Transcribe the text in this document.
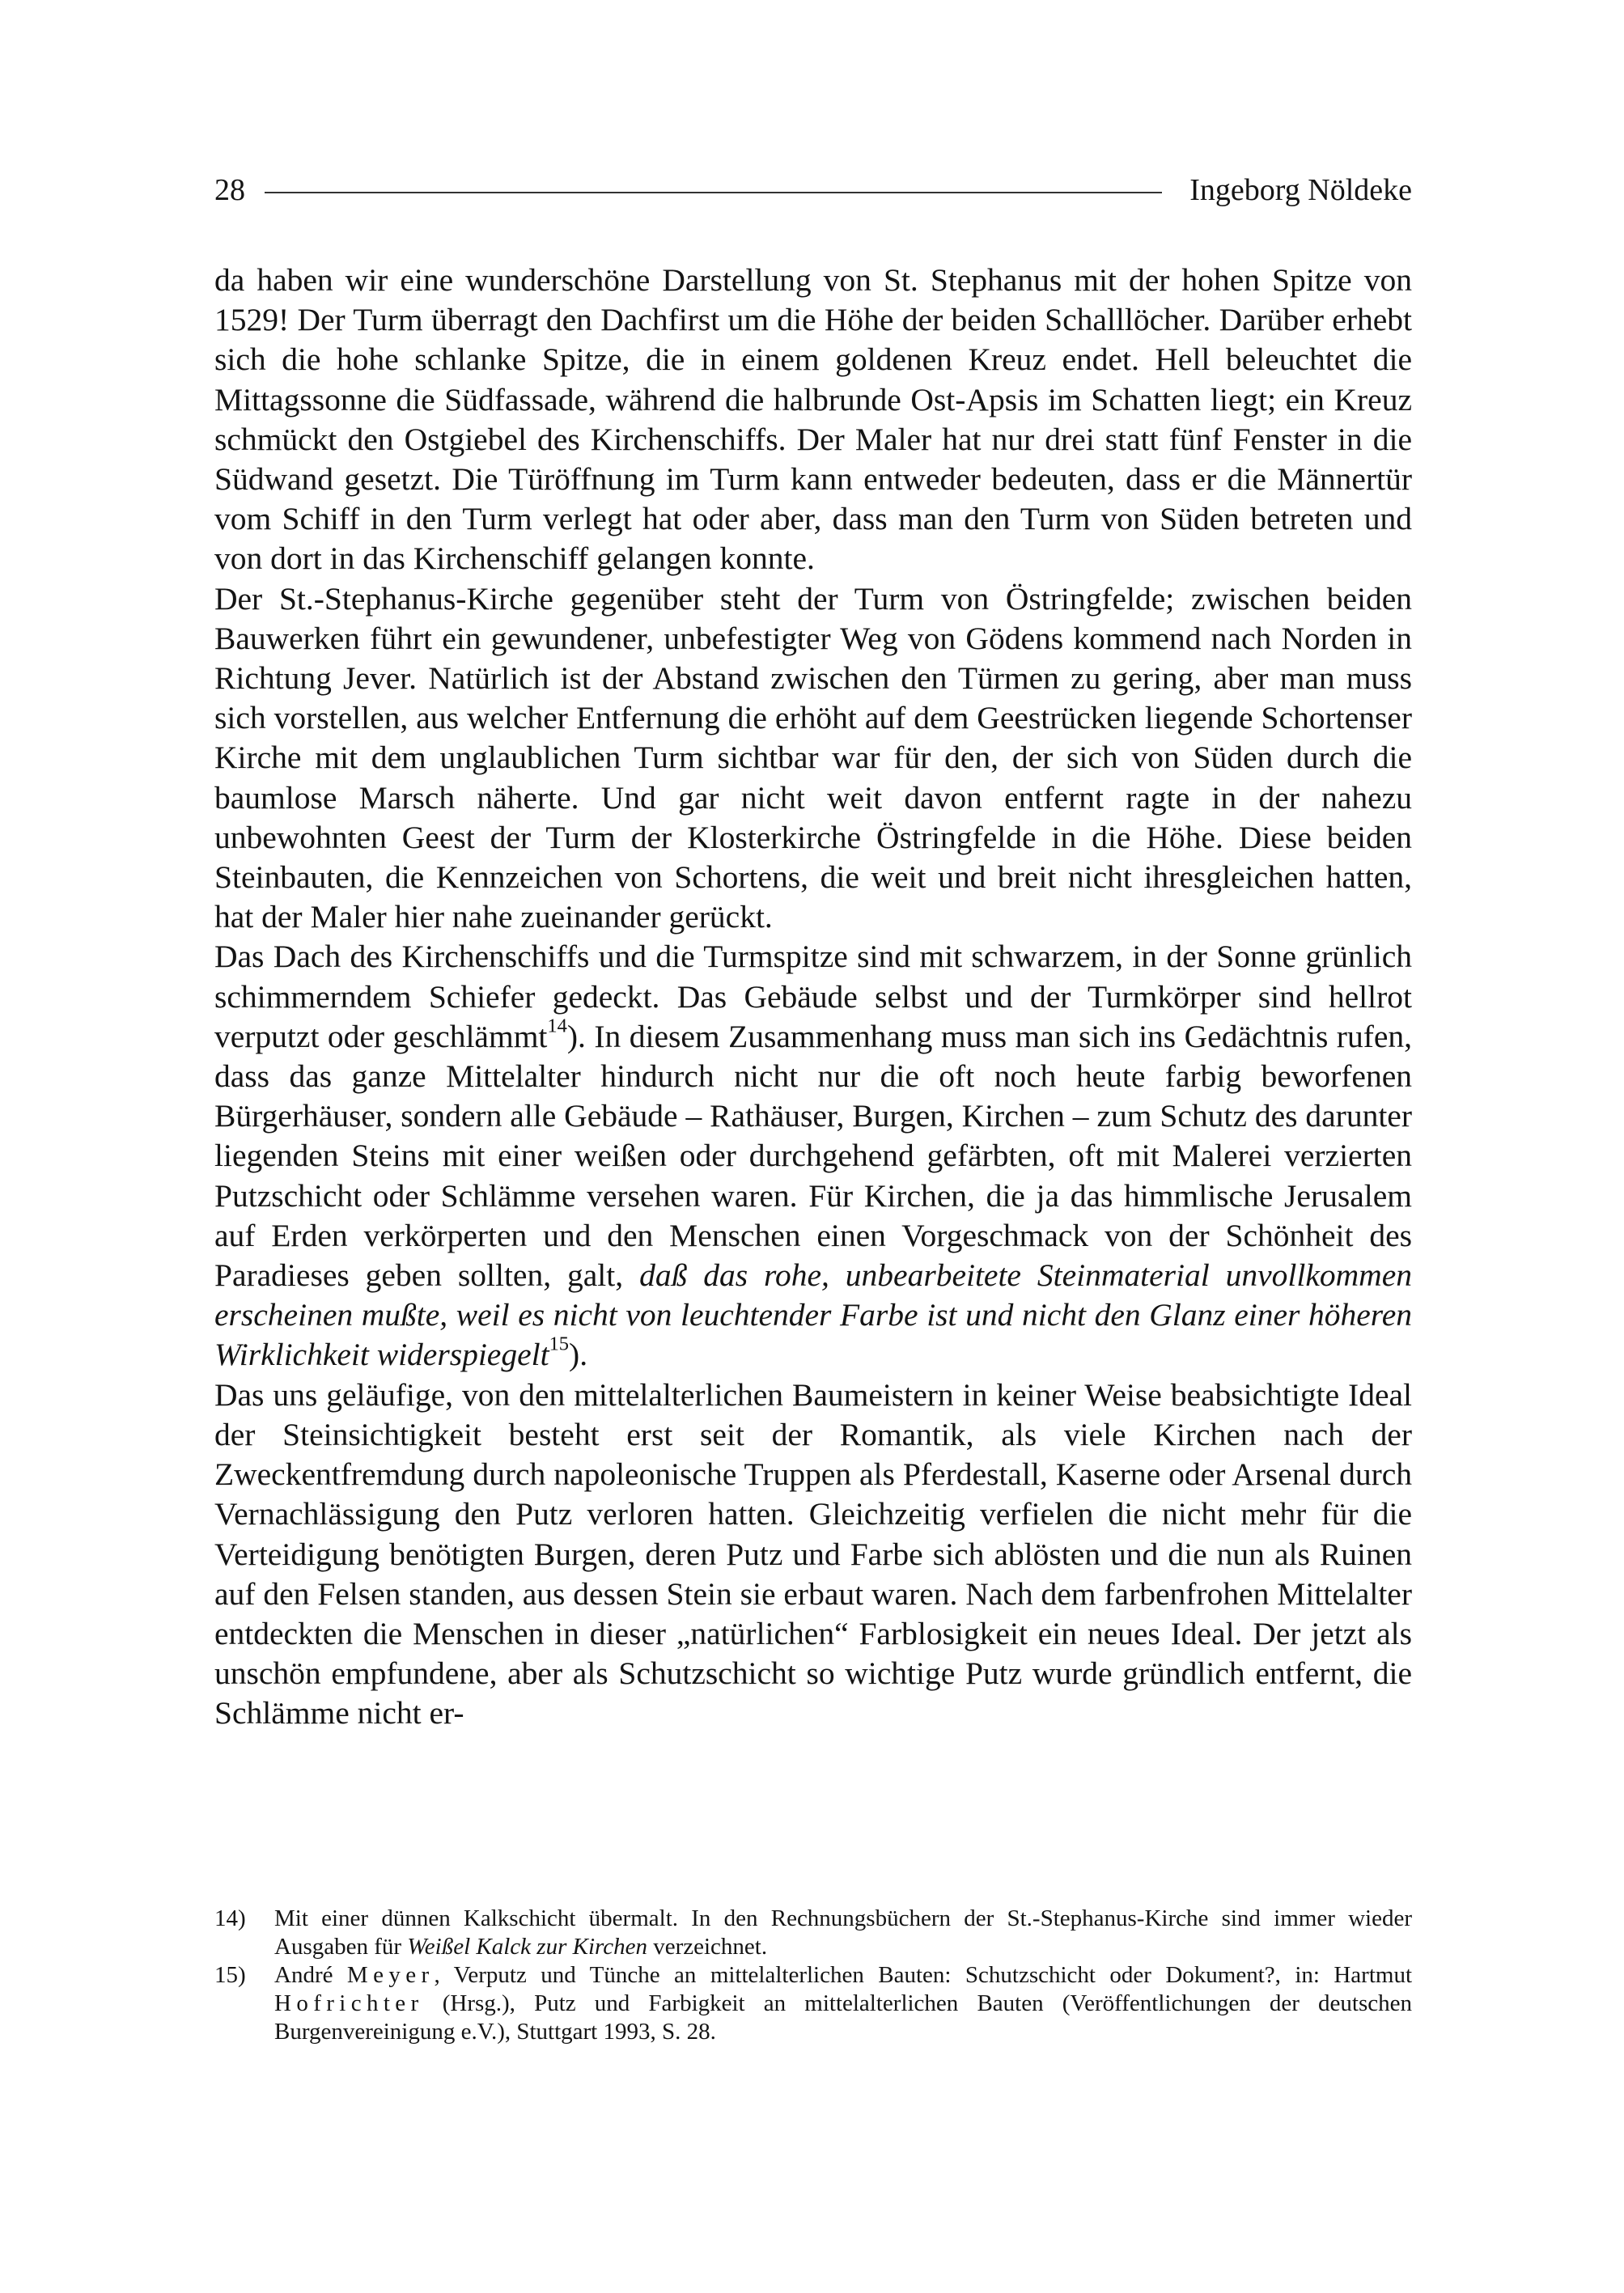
28	Ingeborg Nöldeke

da haben wir eine wunderschöne Darstellung von St. Stephanus mit der hohen Spitze von 1529! Der Turm überragt den Dachfirst um die Höhe der beiden Schalllöcher. Darüber erhebt sich die hohe schlanke Spitze, die in einem goldenen Kreuz endet. Hell beleuchtet die Mittagssonne die Südfassade, während die halbrunde Ost-Apsis im Schatten liegt; ein Kreuz schmückt den Ostgiebel des Kirchenschiffs. Der Maler hat nur drei statt fünf Fenster in die Südwand gesetzt. Die Türöffnung im Turm kann entweder bedeuten, dass er die Männertür vom Schiff in den Turm verlegt hat oder aber, dass man den Turm von Süden betreten und von dort in das Kirchenschiff gelangen konnte.

Der St.-Stephanus-Kirche gegenüber steht der Turm von Östringfelde; zwischen beiden Bauwerken führt ein gewundener, unbefestigter Weg von Gödens kommend nach Norden in Richtung Jever. Natürlich ist der Abstand zwischen den Türmen zu gering, aber man muss sich vorstellen, aus welcher Entfernung die erhöht auf dem Geestrücken liegende Schortenser Kirche mit dem unglaublichen Turm sichtbar war für den, der sich von Süden durch die baumlose Marsch näherte. Und gar nicht weit davon entfernt ragte in der nahezu unbewohnten Geest der Turm der Klosterkirche Östringfelde in die Höhe. Diese beiden Steinbauten, die Kennzeichen von Schortens, die weit und breit nicht ihresgleichen hatten, hat der Maler hier nahe zueinander gerückt.

Das Dach des Kirchenschiffs und die Turmspitze sind mit schwarzem, in der Sonne grünlich schimmerndem Schiefer gedeckt. Das Gebäude selbst und der Turmkörper sind hellrot verputzt oder geschlämmt$^{14}$). In diesem Zusammenhang muss man sich ins Gedächtnis rufen, dass das ganze Mittelalter hindurch nicht nur die oft noch heute farbig beworfenen Bürgerhäuser, sondern alle Gebäude – Rathäuser, Burgen, Kirchen – zum Schutz des darunter liegenden Steins mit einer weißen oder durchgehend gefärbten, oft mit Malerei verzierten Putzschicht oder Schlämme versehen waren. Für Kirchen, die ja das himmlische Jerusalem auf Erden verkörperten und den Menschen einen Vorgeschmack von der Schönheit des Paradieses geben sollten, galt, daß das rohe, unbearbeitete Steinmaterial unvollkommen erscheinen mußte, weil es nicht von leuchtender Farbe ist und nicht den Glanz einer höheren Wirklichkeit widerspiegelt$^{15}$).

Das uns geläufige, von den mittelalterlichen Baumeistern in keiner Weise beabsichtigte Ideal der Steinsichtigkeit besteht erst seit der Romantik, als viele Kirchen nach der Zweckentfremdung durch napoleonische Truppen als Pferdestall, Kaserne oder Arsenal durch Vernachlässigung den Putz verloren hatten. Gleichzeitig verfielen die nicht mehr für die Verteidigung benötigten Burgen, deren Putz und Farbe sich ablösten und die nun als Ruinen auf den Felsen standen, aus dessen Stein sie erbaut waren. Nach dem farbenfrohen Mittelalter entdeckten die Menschen in dieser „natürlichen“ Farblosigkeit ein neues Ideal. Der jetzt als unschön empfundene, aber als Schutzschicht so wichtige Putz wurde gründlich entfernt, die Schlämme nicht er-

14)	Mit einer dünnen Kalkschicht übermalt. In den Rechnungsbüchern der St.-Stephanus-Kirche sind immer wieder Ausgaben für Weißel Kalck zur Kirchen verzeichnet.
15)	André Meyer, Verputz und Tünche an mittelalterlichen Bauten: Schutzschicht oder Dokument?, in: Hartmut Hofrichter (Hrsg.), Putz und Farbigkeit an mittelalterlichen Bauten (Veröffentlichungen der deutschen Burgenvereinigung e.V.), Stuttgart 1993, S. 28.
